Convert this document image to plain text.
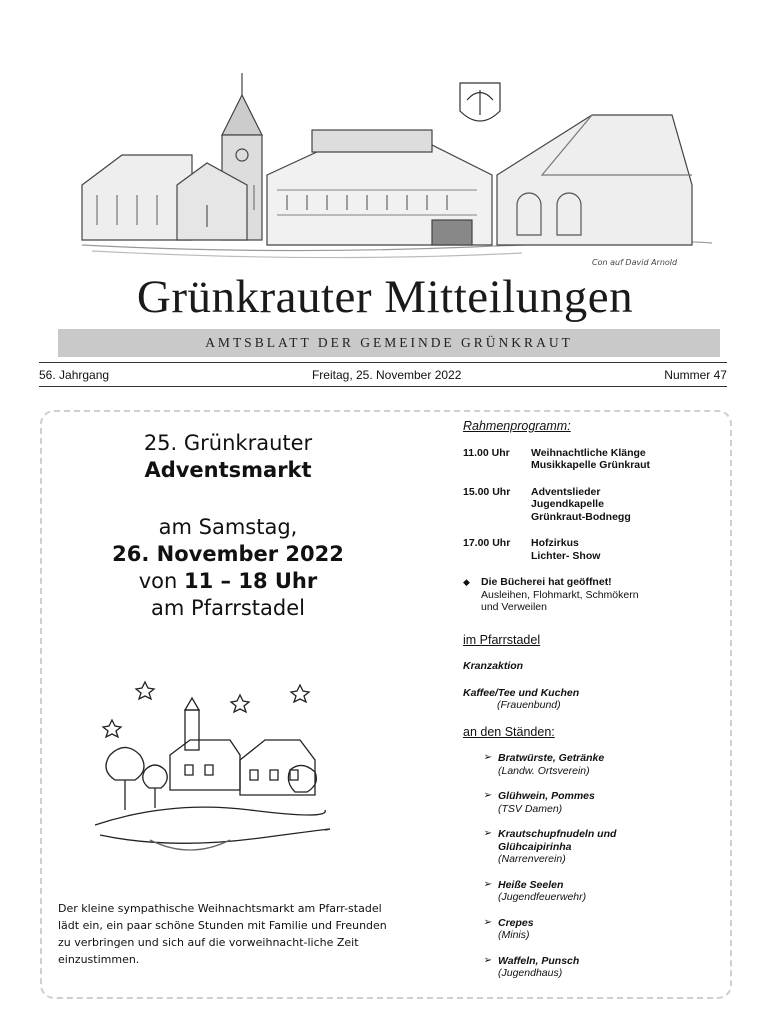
Con auf David Arnold
Grünkrauter Mitteilungen
AMTSBLATT DER GEMEINDE GRÜNKRAUT
56. Jahrgang	Freitag, 25. November 2022	Nummer 47
25. Grünkrauter
Adventsmarkt
am Samstag,
26. November 2022
von 11 – 18 Uhr
am Pfarrstadel
Der kleine sympathische Weihnachtsmarkt am Pfarr-stadel lädt ein, ein paar schöne Stunden mit Familie und Freunden zu verbringen und sich auf die vorweihnacht-liche Zeit einzustimmen.
Rahmenprogramm:
11.00 Uhr	Weihnachtliche Klänge
Musikkapelle Grünkraut
15.00 Uhr	Adventslieder
Jugendkapelle
Grünkraut-Bodnegg
17.00 Uhr	Hofzirkus
Lichter- Show
◆	Die Bücherei hat geöffnet!
Ausleihen, Flohmarkt, Schmökern
und Verweilen
im Pfarrstadel
Kranzaktion
Kaffee/Tee und Kuchen
(Frauenbund)
an den Ständen:
➢ Bratwürste, Getränke
(Landw. Ortsverein)
➢ Glühwein, Pommes
(TSV Damen)
➢ Krautschupfnudeln und
Glühcaipirinha
(Narrenverein)
➢ Heiße Seelen
(Jugendfeuerwehr)
➢ Crepes
(Minis)
➢ Waffeln, Punsch
(Jugendhaus)
